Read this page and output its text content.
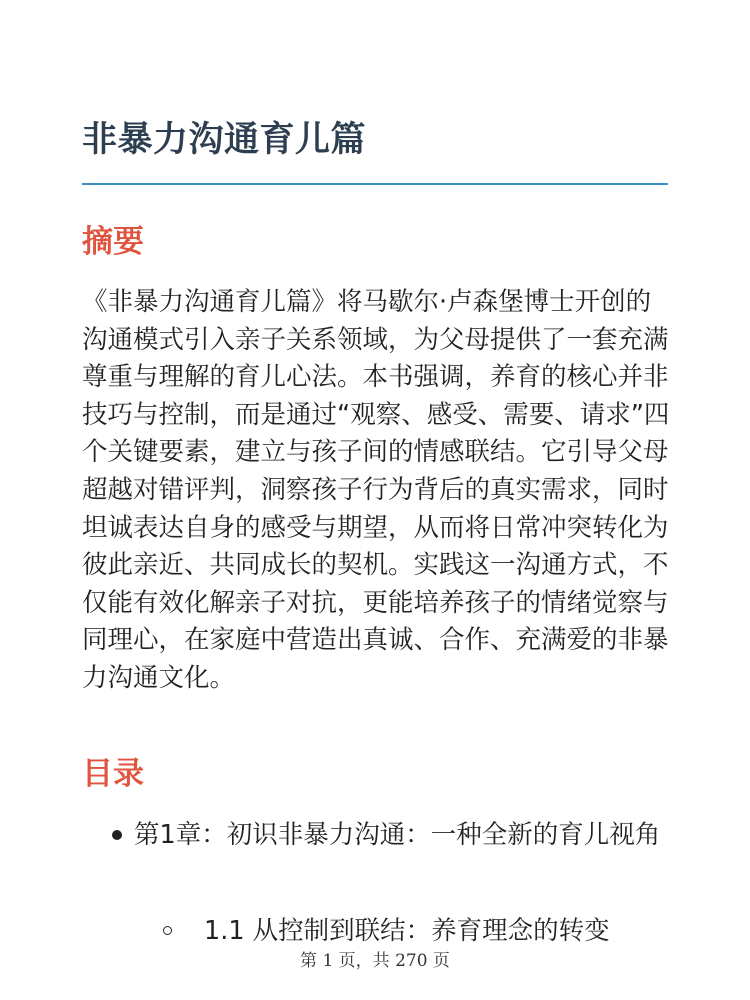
非暴力沟通育儿篇
摘要

《非暴力沟通育儿篇》将马歇尔·卢森堡博士开创的沟通模式引入亲子关系领域，为父母提供了一套充满尊重与理解的育儿心法。本书强调，养育的核心并非技巧与控制，而是通过“观察、感受、需要、请求”四个关键要素，建立与孩子间的情感联结。它引导父母超越对错评判，洞察孩子行为背后的真实需求，同时坦诚表达自身的感受与期望，从而将日常冲突转化为彼此亲近、共同成长的契机。实践这一沟通方式，不仅能有效化解亲子对抗，更能培养孩子的情绪觉察与同理心，在家庭中营造出真诚、合作、充满爱的非暴力沟通文化。

目录
第1章：初识非暴力沟通：一种全新的育儿视角
1.1 从控制到联结：养育理念的转变
第 1 页，共 270 页
